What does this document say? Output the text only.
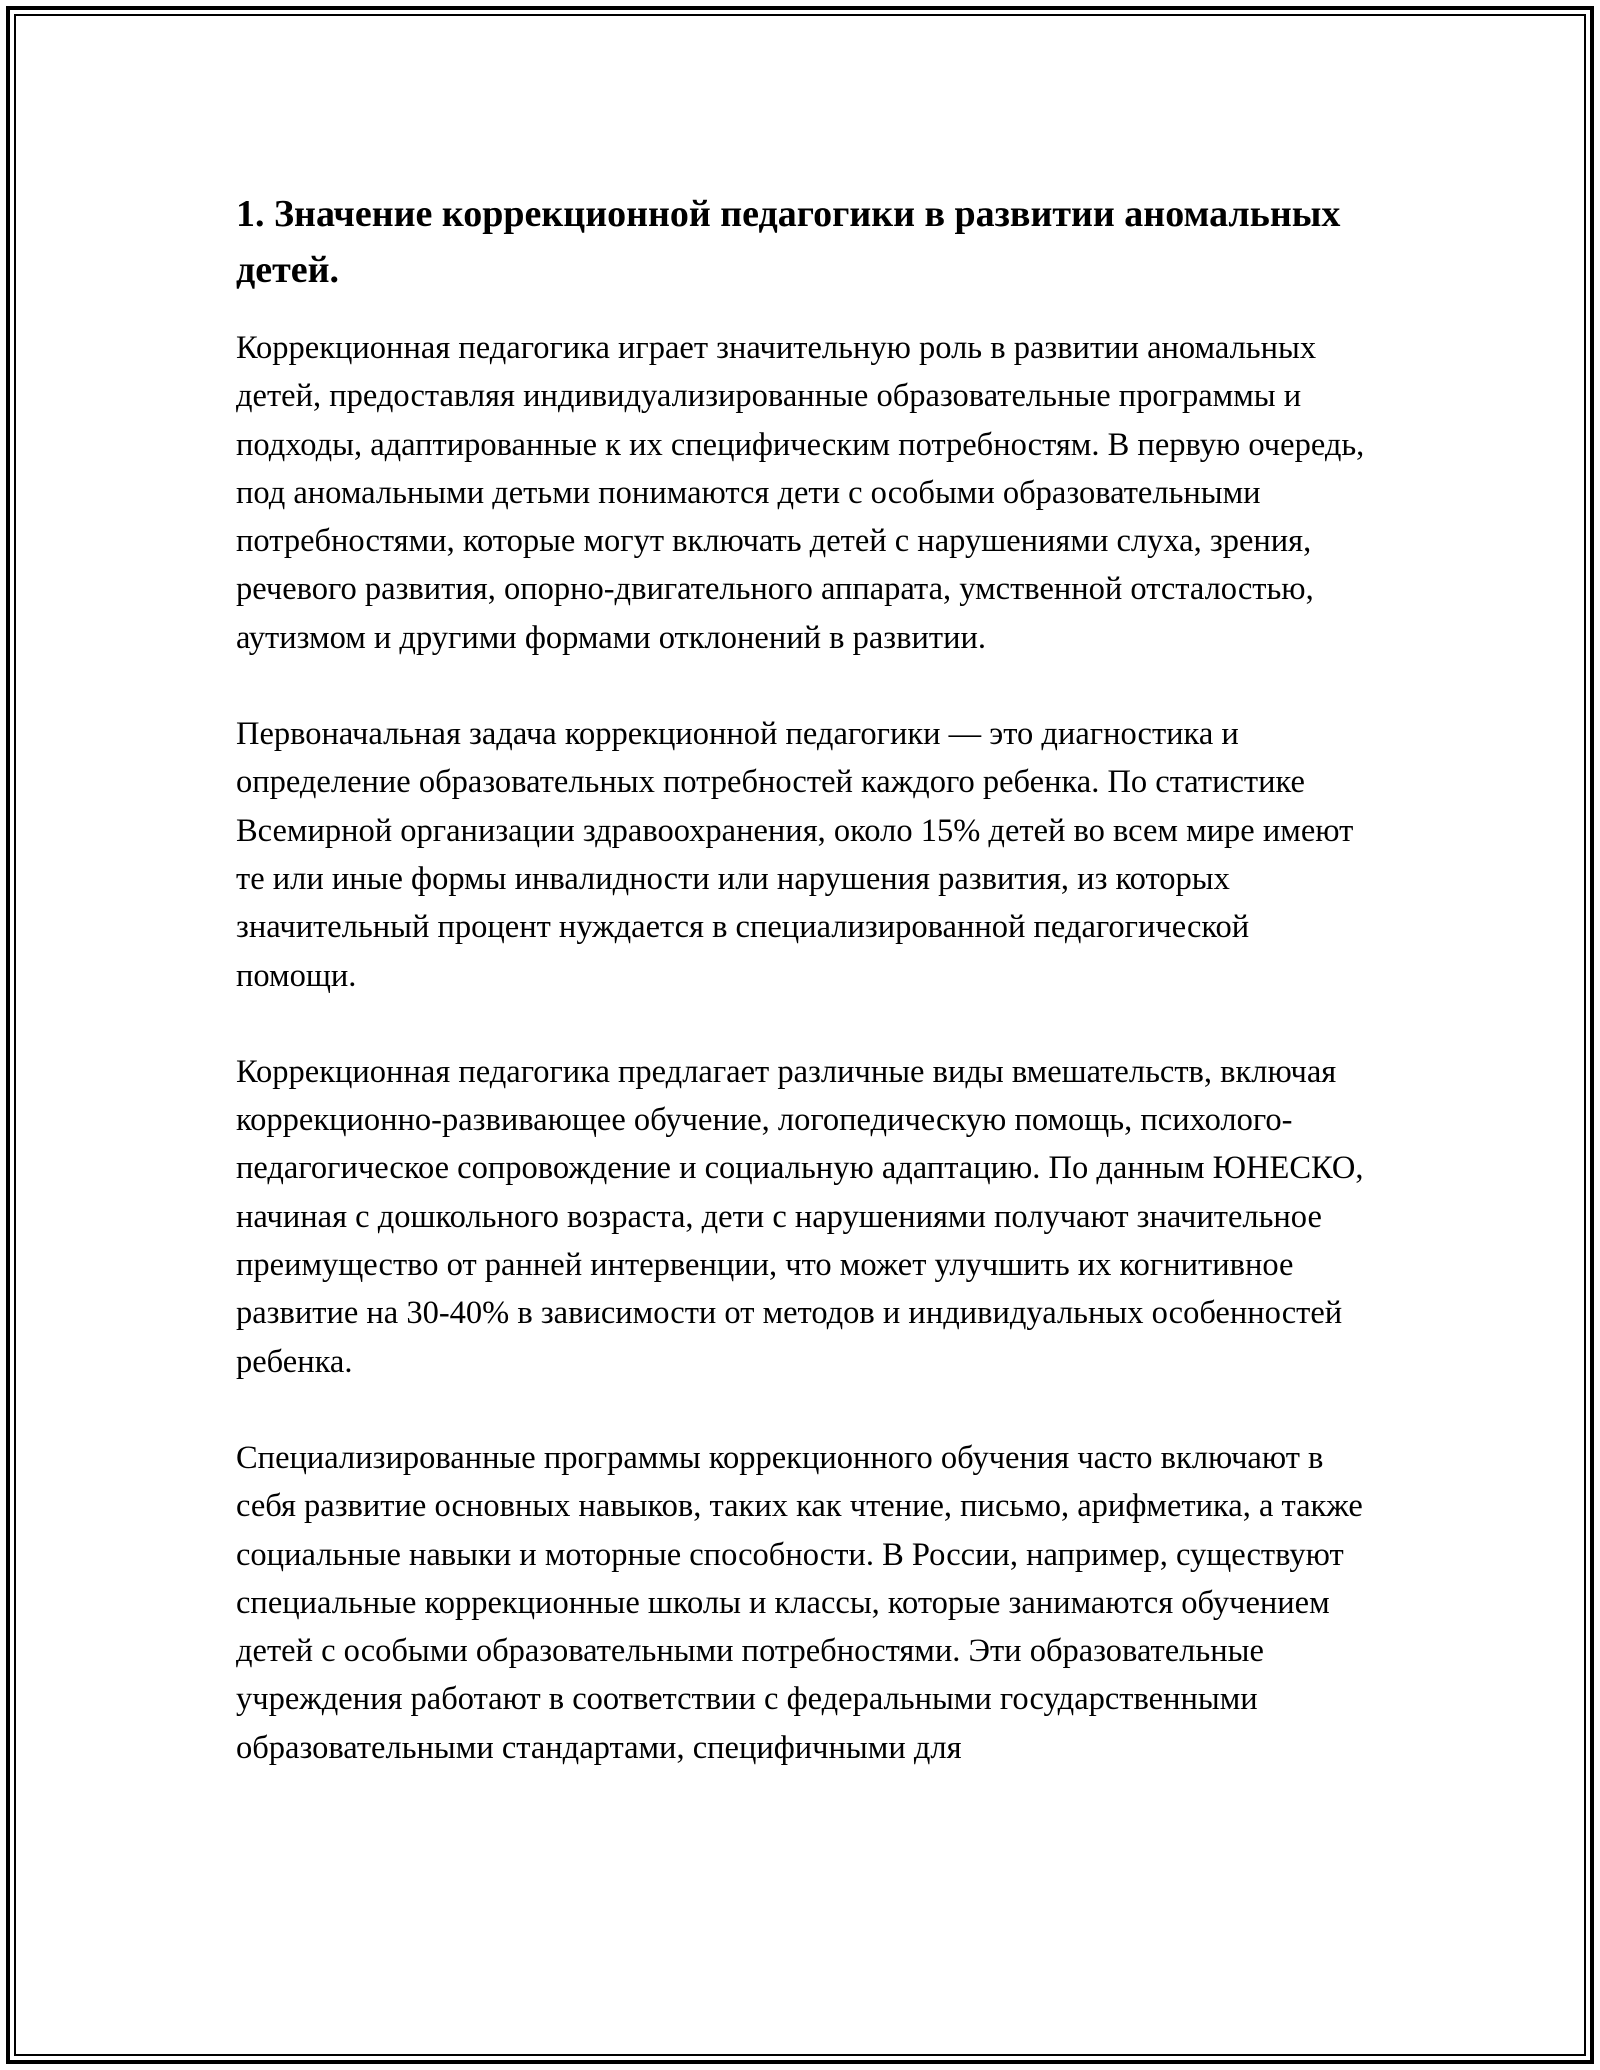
1. Значение коррекционной педагогики в развитии аномальных детей.

Коррекционная педагогика играет значительную роль в развитии аномальных детей, предоставляя индивидуализированные образовательные программы и подходы, адаптированные к их специфическим потребностям. В первую очередь, под аномальными детьми понимаются дети с особыми образовательными потребностями, которые могут включать детей с нарушениями слуха, зрения, речевого развития, опорно-двигательного аппарата, умственной отсталостью, аутизмом и другими формами отклонений в развитии.

Первоначальная задача коррекционной педагогики — это диагностика и определение образовательных потребностей каждого ребенка. По статистике Всемирной организации здравоохранения, около 15% детей во всем мире имеют те или иные формы инвалидности или нарушения развития, из которых значительный процент нуждается в специализированной педагогической помощи.

Коррекционная педагогика предлагает различные виды вмешательств, включая коррекционно-развивающее обучение, логопедическую помощь, психолого-педагогическое сопровождение и социальную адаптацию. По данным ЮНЕСКО, начиная с дошкольного возраста, дети с нарушениями получают значительное преимущество от ранней интервенции, что может улучшить их когнитивное развитие на 30-40% в зависимости от методов и индивидуальных особенностей ребенка.

Специализированные программы коррекционного обучения часто включают в себя развитие основных навыков, таких как чтение, письмо, арифметика, а также социальные навыки и моторные способности. В России, например, существуют специальные коррекционные школы и классы, которые занимаются обучением детей с особыми образовательными потребностями. Эти образовательные учреждения работают в соответствии с федеральными государственными образовательными стандартами, специфичными для
